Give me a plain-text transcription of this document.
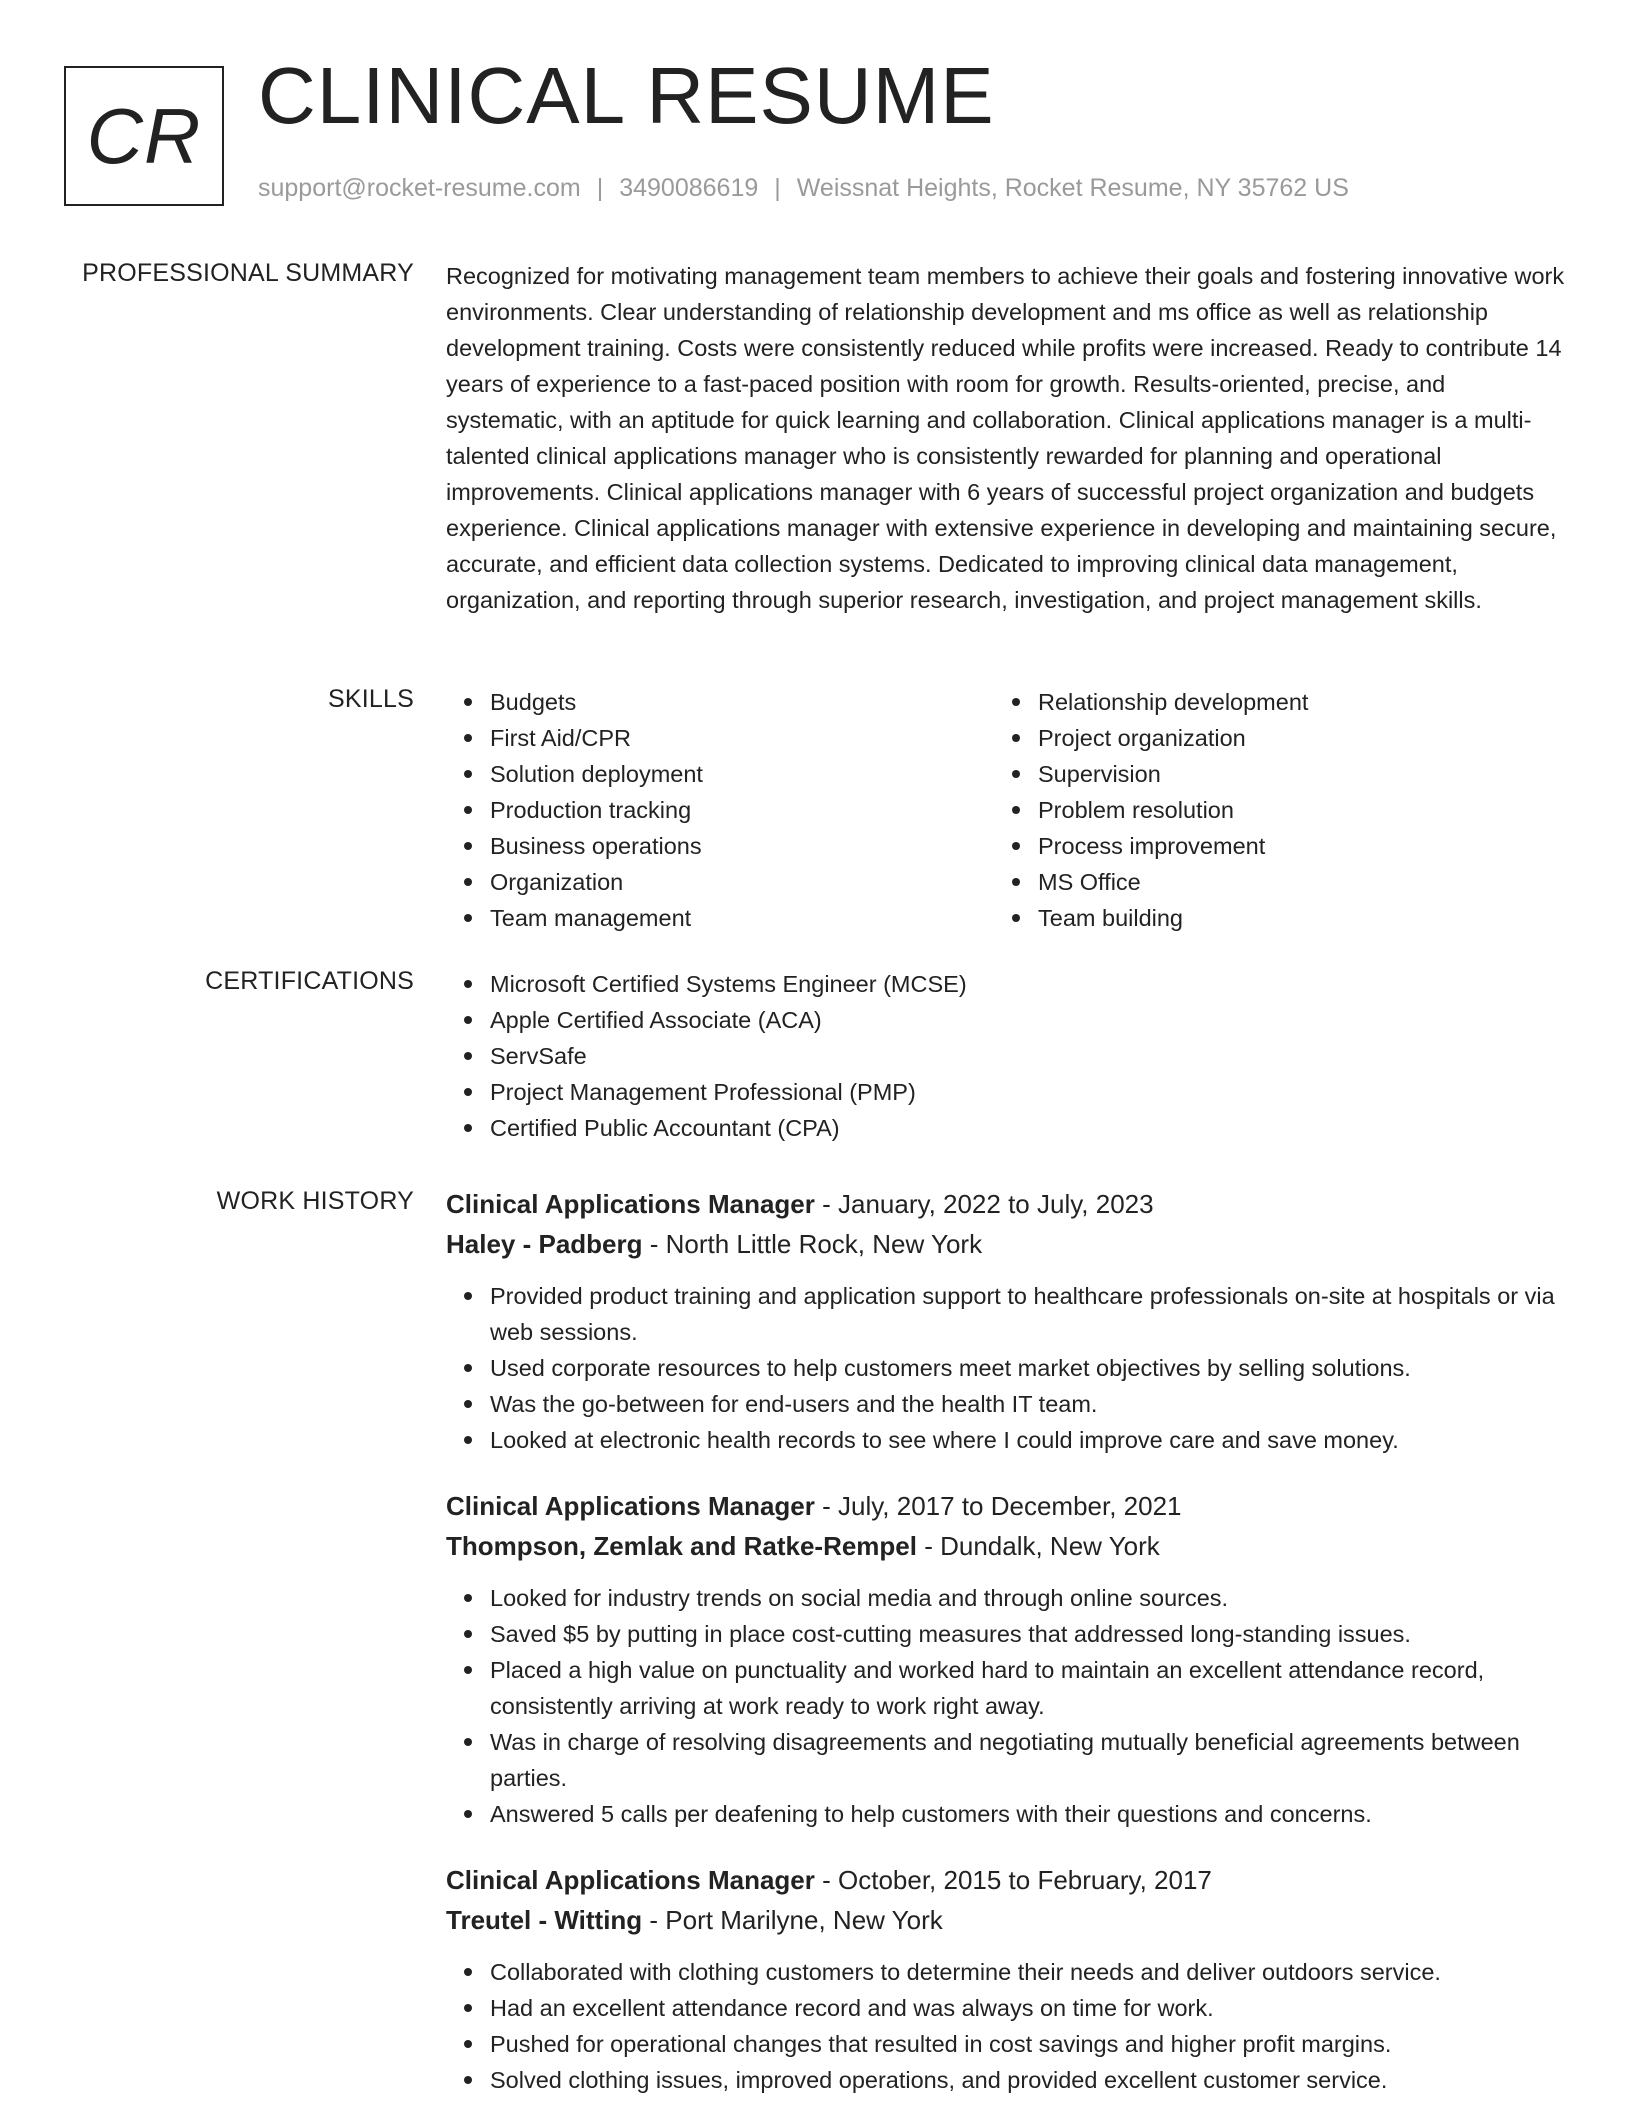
CR CLINICAL RESUME
support@rocket-resume.com | 3490086619 | Weissnat Heights, Rocket Resume, NY 35762 US
PROFESSIONAL SUMMARY Recognized for motivating management team members to achieve their goals and fostering innovative work environments. Clear understanding of relationship development and ms office as well as relationship development training. Costs were consistently reduced while profits were increased. Ready to contribute 14 years of experience to a fast-paced position with room for growth. Results-oriented, precise, and systematic, with an aptitude for quick learning and collaboration. Clinical applications manager is a multi-talented clinical applications manager who is consistently rewarded for planning and operational improvements. Clinical applications manager with 6 years of successful project organization and budgets experience. Clinical applications manager with extensive experience in developing and maintaining secure, accurate, and efficient data collection systems. Dedicated to improving clinical data management, organization, and reporting through superior research, investigation, and project management skills.

SKILLS	Budgets
First Aid/CPR
Solution deployment
Production tracking
Business operations
Organization
Team management
Relationship development
Project organization
Supervision
Problem resolution
Process improvement
MS Office
Team building
CERTIFICATIONS	Microsoft Certified Systems Engineer (MCSE)
Apple Certified Associate (ACA)
ServSafe
Project Management Professional (PMP)
Certified Public Accountant (CPA)
WORK HISTORY Clinical Applications Manager - January, 2022 to July, 2023
Haley - Padberg - North Little Rock, New York
Provided product training and application support to healthcare professionals on-site at hospitals or via web sessions.
Used corporate resources to help customers meet market objectives by selling solutions.
Was the go-between for end-users and the health IT team.
Looked at electronic health records to see where I could improve care and save money.
Clinical Applications Manager - July, 2017 to December, 2021
Thompson, Zemlak and Ratke-Rempel - Dundalk, New York
Looked for industry trends on social media and through online sources.
Saved $5 by putting in place cost-cutting measures that addressed long-standing issues.
Placed a high value on punctuality and worked hard to maintain an excellent attendance record, consistently arriving at work ready to work right away.
Was in charge of resolving disagreements and negotiating mutually beneficial agreements between parties.
Answered 5 calls per deafening to help customers with their questions and concerns.
Clinical Applications Manager - October, 2015 to February, 2017
Treutel - Witting - Port Marilyne, New York
Collaborated with clothing customers to determine their needs and deliver outdoors service.
Had an excellent attendance record and was always on time for work.
Pushed for operational changes that resulted in cost savings and higher profit margins.
Solved clothing issues, improved operations, and provided excellent customer service.
